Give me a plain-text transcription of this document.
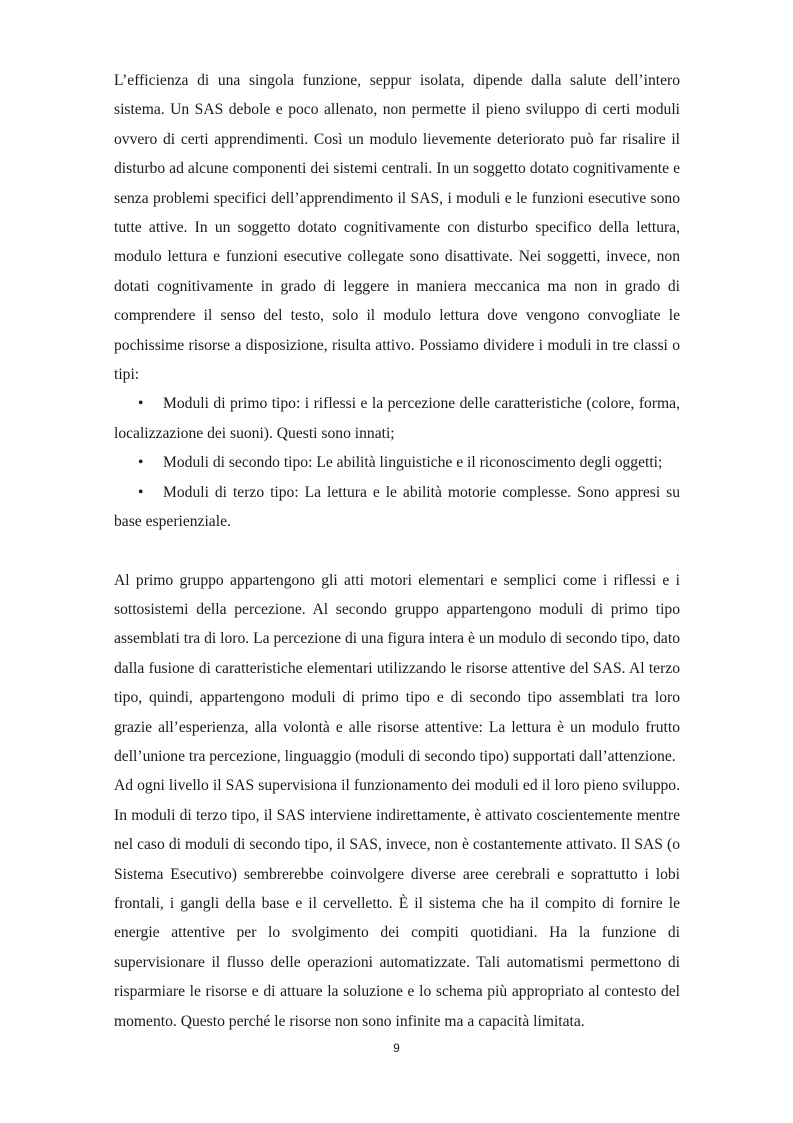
L’efficienza di una singola funzione, seppur isolata, dipende dalla salute dell’intero sistema. Un SAS debole e poco allenato, non permette il pieno sviluppo di certi moduli ovvero di certi apprendimenti. Così un modulo lievemente deteriorato può far risalire il disturbo ad alcune componenti dei sistemi centrali. In un soggetto dotato cognitivamente e senza problemi specifici dell’apprendimento il SAS, i moduli e le funzioni esecutive sono tutte attive. In un soggetto dotato cognitivamente con disturbo specifico della lettura, modulo lettura e funzioni esecutive collegate sono disattivate. Nei soggetti, invece, non dotati cognitivamente in grado di leggere in maniera meccanica ma non in grado di comprendere il senso del testo, solo il modulo lettura dove vengono convogliate le pochissime risorse a disposizione, risulta attivo. Possiamo dividere i moduli in tre classi o tipi:

• Moduli di primo tipo: i riflessi e la percezione delle caratteristiche (colore, forma, localizzazione dei suoni). Questi sono innati;
• Moduli di secondo tipo: Le abilità linguistiche e il riconoscimento degli oggetti;
• Moduli di terzo tipo: La lettura e le abilità motorie complesse. Sono appresi su base esperienziale.

Al primo gruppo appartengono gli atti motori elementari e semplici come i riflessi e i sottosistemi della percezione. Al secondo gruppo appartengono moduli di primo tipo assemblati tra di loro. La percezione di una figura intera è un modulo di secondo tipo, dato dalla fusione di caratteristiche elementari utilizzando le risorse attentive del SAS. Al terzo tipo, quindi, appartengono moduli di primo tipo e di secondo tipo assemblati tra loro grazie all’esperienza, alla volontà e alle risorse attentive: La lettura è un modulo frutto dell’unione tra percezione, linguaggio (moduli di secondo tipo) supportati dall’attenzione.

Ad ogni livello il SAS supervisiona il funzionamento dei moduli ed il loro pieno sviluppo. In moduli di terzo tipo, il SAS interviene indirettamente, è attivato coscientemente mentre nel caso di moduli di secondo tipo, il SAS, invece, non è costantemente attivato. Il SAS (o Sistema Esecutivo) sembrerebbe coinvolgere diverse aree cerebrali e soprattutto i lobi frontali, i gangli della base e il cervelletto. È il sistema che ha il compito di fornire le energie attentive per lo svolgimento dei compiti quotidiani. Ha la funzione di supervisionare il flusso delle operazioni automatizzate. Tali automatismi permettono di risparmiare le risorse e di attuare la soluzione e lo schema più appropriato al contesto del momento. Questo perché le risorse non sono infinite ma a capacità limitata.

9
